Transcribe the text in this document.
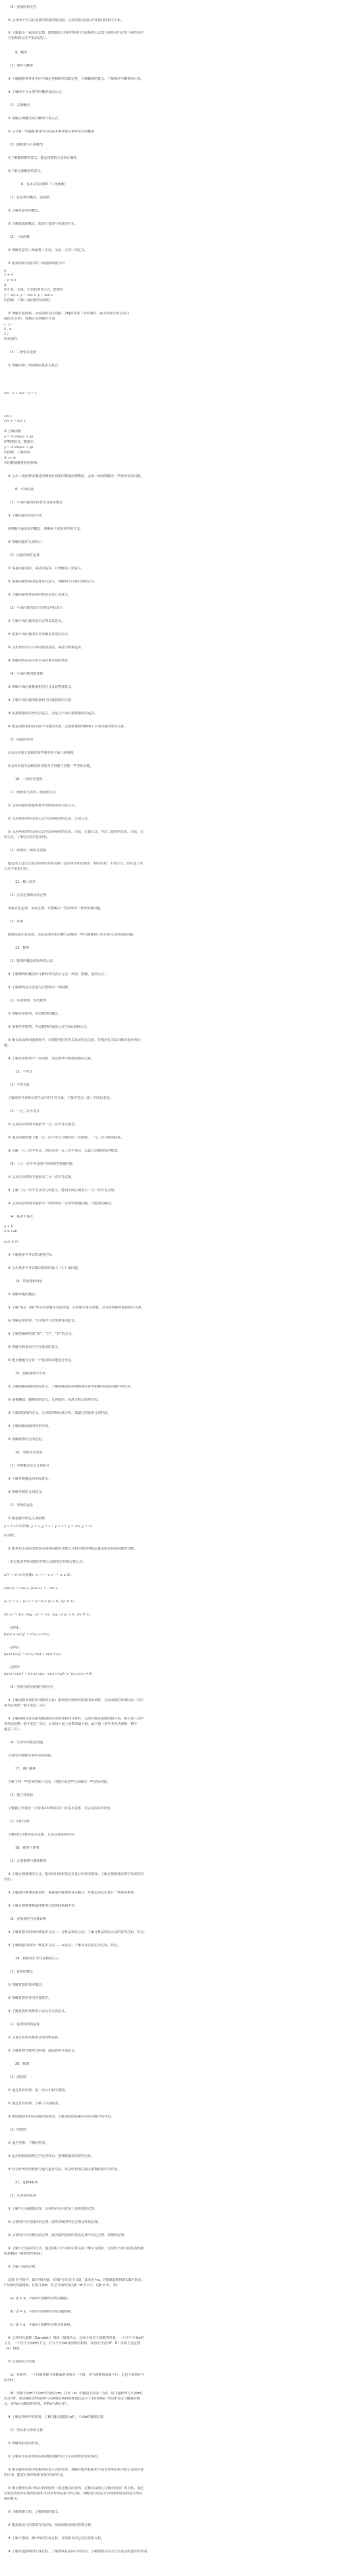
（3）变量的相关性
① 会作两个有关联变量的数据的散点图，会利用散点图认识变量间的相关关系。
② 了解最小二乘法的思想，能根据给出的线性回归方程系数公式建立线性回归方程（线性回归
方程系数公式不要求记忆）。
9、概率
（1）事件与概率
① 了解随机事件发生的不确定性和频率的稳定性，了解概率的意义，了解频率与概率的区别。
② 了解两个互斥事件的概率加法公式。
（2）古典概型
① 理解古典概型及其概率计算公式。
② 会计算一些随机事件所含的基本事件数及事件发生的概率。
（3）随机数与几何概型
①了解随机数的意义，能运用模拟方法估计概率。
②了解几何概型的意义。
6、基本初等函数Ⅱ（三角函数）
（1）任意角的概念、弧度制
① 了解任意角的概念。
② 了解弧度制概念，能进行弧度与角度的互化。
（2）三角函数
① 理解任意角三角函数（正弦、余弦、正切）的定义。
② 能利用单位圆中的三角函数线推导出
π
2 ± α
，π ± α
α
的正弦、余弦、正切的诱导公式，能画出
y = sin x, y = cos x, y = tan x
的图像，了解三角函数的周期性。
③ 理解正弦函数、余弦函数在区间[0，2π]的性质（如单调性、最大和最小值以及与
轴的交点等），理解正切函数在区间
( - π
2 , π
2 )
的单调性。
（3）三角恒等变换
① 理解同角三角函数的基本关系式：
sin ² x + cos ² x = 1,
sin x
cos x = tan x
② 了解函数
y = A sin(ωx + φ)
的物理意义，能画出
y = A sin(ωx + φ)
的图像，了解参数
A, ω, φ
对函数图像变化的影响。
③ 会用三角函数去描述周期变化现象的数量函数模型，会用三角函数解决一些简单实际问题。
8、平面向量
（1）平面向量的实际背景及基本概念
① 了解向量的实际背景。
②理解平面向量的概念，理解两个向量相等的含义。
③ 理解向量的几何表示。
（2）向量的线性运算
① 掌握向量加法、减法的运算，并理解其几何意义。
② 掌握向量数乘的运算及其意义，理解两个向量共线的含义。
③ 了解向量线性运算的性质及其几何意义。
（3）平面向量的基本定理及坐标表示
① 了解平面向量的基本定理及其意义。
② 掌握平面向量的正交分解及其坐标表示。
③ 会用坐标表示平面向量的加法、减法与数乘运算。
④ 理解用坐标表示的平面向量共线的条件。
（4）平面向量的数量积
① 理解平面向量数量积的含义及其物理意义。
② 了解平面向量的数量积与向量投影的关系。
③ 掌握数量积的坐标表达式，会进行平面向量数量积的运算。
④ 能运用数量积表示两个向量的夹角，会用数量积判断两个平面向量的垂直关系。
（5）向量的应用
①会用向量方法解决某些简单的平面几何问题。
②会用向量方法解决简单的力学问题与其他一些实际问题。
10、三角恒等变换
（1）两角和与差的三角函数公式
① 会用向量的数量积推导出两角差的余弦公式。
② 会用两角差的余弦公式导出两角差的正弦、正切公式。
③ 会用两角差的余弦公式导出两角和的正弦、余弦、正切公式，导出二倍角的正弦、余弦、正
切公式，了解它们的内在联系。
（2）简单的三角恒等变换
能运用上述公式进行简单的恒等变换（包括导出积化和差、和差化积、半角公式，但对这三组
公式不要求记忆）。
11、解三角形
（1）正弦定理和余弦定理
掌握正弦定理、余弦定理，并能解决一些简单的三角形度量问题。
（2）应用
能够运用正弦定理、余弦定理等知识和方法解决一些与测量和几何计算有关的实际问题。
12、数列
（1）数列的概念和简单表示法
① 了解数列的概念和几种简单的表示方法（列表、图像、通项公式）。
② 了解数列是自变量为正整数的一类函数。
（2）等差数列、等比数列
① 理解等差数列、等比数列的概念。
② 掌握等差数列、等比数列的通项公式与前n项和公式。
③ 能在具体的问题情境中，识别数列的等差关系或等比关系，并能用有关知识解决相应的问
题。
④ 了解等差数列与一次函数、等比数列与指数函数的关系。
13、不等式
（1）不等关系
了解现实世界和日常生活中的不等关系，了解不等式（组）的实际背景。
（2）一元二次不等式
① 会从实际情境中抽象出一元二次不等式模型。
② 通过函数图像了解一元二次不等式与相应的二次函数、一元二次方程的联系。
③ 会解一元二次不等式，对给定的一元二次不等式，会设计求解的程序框图。
（3）二元一次不等式组与简单线性规划问题
① 会从实际情境中抽象出二元一次不等式组。
② 了解二元一次不等式的几何意义，能用平面区域表示二元一次不等式组。
③ 会从实际情境中抽象出一些简单的二元线性规划问题，并能加以解决。
（4）基本不等式
a + b
2 ≥ √ab
(a,b ≥ 0)
① 了解基本不等式的证明过程。
② 会用基本不等式解决简单的最大（小）值问题。
14、常用逻辑用语
① 理解命题的概念。
② 了解“若p，则q”形式的命题及其逆命题、否命题与逆否命题，会分析四种命题的相互关系。
③ 理解必要条件、充分条件与充要条件的意义。
④ 了解逻辑联结词“或”、“且”、“非”的含义。
⑤ 理解全称量词与存在量词的意义。
⑥ 能正确地对含有一个量词的命题进行否定。
15、圆锥曲线与方程
① 了解圆锥曲线的实际背景，了解圆锥曲线在刻画现实世界和解决实际问题中的作用。
② 掌握椭圆、抛物线的定义、几何图形、标准方程及简单性质。
③ 了解双曲线的定义、几何图形和标准方程，知道它的简单几何性质。
④ 了解圆锥曲线的简单应用。
⑤ 理解数形结合的思想。
16、导数及其应用
（1）导数概念及其几何意义
① 了解导数概念的实际背景。
② 理解导数的几何意义。
（2）导数的运算
① 能根据导数定义求函数
y = C (C为常数), y = x, y = x ², y = x ³, y = 1/x, y = √x
的导数。
② 能利用下面给出的基本初等函数的导数公式和导数的四则运算法则求简单函数的导数。
· 常见基本初等函数的导数公式和常用导数运算公式：
(C)' = 0 (C为常数); (x ⁿ)' = n x ⁿ⁻¹, n ∈ N₊;
(sin x)' = cos x; (cos x)' = - sin x;
(e ˣ)' = e ˣ; (a ˣ)' = a ˣ ln a (a > 0, 且a ≠ 1);
(ln x)' = 1/x; (log ₐ x)' = 1/x · log ₐ e (a > 0, 且a ≠ 1)
· 法则1：
[u(x) ± v(x)]' = u'(x) ± v'(x)
· 法则2：
[u(x) v(x)]' = u'(x) v(x) + u(x) v'(x)
· 法则3：
[u(x) / v(x)]' = [u'(x) v(x) - u(x) v'(x)] / v ²(x) (v(x) ≠ 0)
（3）导数在研究函数中的应用
① 了解函数单调性和导数的关系；能利用导数研究函数的单调性，会求函数的单调区间（其中
多项式函数一般不超过三次）。
② 了解函数在某点取得极值的必要条件和充分条件；会用导数求函数的极大值、极小值（其中
多项式函数一般不超过三次）；会求闭区间上函数的最大值、最小值（其中多项式函数一般不
超过三次）。
（4）生活中的优化问题
会利用导数解决某些实际问题。
17、统计案例
了解下列一些常见的统计方法，并能应用这些方法解决一些实际问题。
（1）独立性检验
了解独立性检验（只要求2×2列联表）的基本思想、方法及其简单应用。
（2）回归分析
了解回归分析的基本思想、方法及其简单应用。
18、推理与证明
（1）合情推理与演绎推理
① 了解合情推理的含义，能利用归纳和类比等进行简单的推理，了解合情推理在数学发现中的
作用。
② 了解演绎推理的重要性，掌握演绎推理的基本模式，并能运用它们进行一些简单推理。
③ 了解合情推理和演绎推理之间的联系和差异。
（2）直接证明与间接证明
① 了解直接证明的两种基本方法——分析法和综合法；了解分析法和综合法的思考过程、特点。
② 了解间接证明的一种基本方法——反证法；了解反证法的思考过程、特点。
19、数系的扩充与复数的引入
（1）复数的概念
① 理解复数的基本概念。
② 理解复数相等的充要条件。
③ 了解复数的代数表示法及其几何意义。
（2）复数的四则运算
① 会进行复数代数形式的四则运算。
② 了解复数代数形式的加、减运算的几何意义。
20、框图
（1）流程图
① 通过具体实例，进一步认识程序框图。
② 通过具体实例，了解工序流程图。
③ 能绘制简单实际问题的流程图，了解流程图在解决实际问题中的作用。
（2）结构图
① 通过实例，了解结构图。
② 运用结构图梳理已学过的知识、整理收集到的资料信息。
③ 结合作出的结构图与他人进行交流，体会结构图在揭示事物联系中的作用。
21、选修4系列
（1）几何证明选讲
① 了解平行线截割定理，会证明并应用直角三角形射影定理。
② 会证明并应用圆周角定理、圆的切线的判定定理及性质定理。
③ 会证明并应用相交弦定理、圆内接四边形的性质定理与判定定理、切割线定理。
④ 了解平行投影的含义，通过圆柱与平面的位置关系了解平行投影；会证明平面与圆柱面的截
线是椭圆（特殊情形是圆）。
⑤ 了解下面的定理。
定理 在空间中，取直线l为轴，直线l'与l相交于点O，其夹角为α，l'围绕l旋转得到以O为顶点，
l'为母线的圆锥面，任取平面π，若它与轴l交角为β（π与l平行，记β = 0），则：
（a）β > α，平面π与圆锥的交线为椭圆；
（b）β = α，平面π与圆锥的交线为抛物线；
（c）β < α，平面π与圆锥的交线为双曲线。
⑥ 会利用丹迪林（Dandelin）双球（如图所示，这两个球位于圆锥的内部，一个位于平面π的
上方，一个位于平面π的下方，并且与平面π及圆锥均相切，其切点分别为F，E）证明上述定理
（a）情况。
⑦ 会证明以下结果：
（a）在⑥中，一个丹迪林球与圆锥面的交线为一个圆，并与圆锥的底面平行。记这个圆所在平
面为π'；
（b）如果平面π与平面π'的交线为m，在⑤（a）中椭圆上任取一点A，该丹迪林球与平面π的
切点为F，则点A到点F的距离与点A到直线m的距离比是小于1的常数e（称点F为这个椭圆的焦
点，直线m为椭圆的准线，常数e为离心率）。
⑧ 了解定理⑤中的证明，了解当β无限接近α时，平面π的极限结果。
（2）坐标系与参数方程
① 理解坐标系的作用。
② 了解在平面直角坐标系伸缩变换作用下平面图形的变化情况。
③ 能在极坐标系中用极坐标表示点的位置，理解在极坐标系和平面直角坐标系中表示点的位置
的区别，能进行极坐标和直角坐标的互化。
④ 能在极坐标系中给出简单图形（如过极点的直线、过极点或圆心在极点的圆）的方程。通过
比较这些图形在极坐标系和平面直角坐标系中的方程，理解用方程表示平面图形时选择适当坐标
系的意义。
⑤ 了解参数方程，了解参数的意义。
⑥ 能选择适当的参数写出直线、圆和圆锥曲线的参数方程。
⑦ 了解平摆线、渐开线的生成过程，并能推导出它们的参数方程。
⑧ 了解其他摆线的生成过程，了解摆线在实际中的应用，了解摆线在表示行星运动轨道中的作用。
